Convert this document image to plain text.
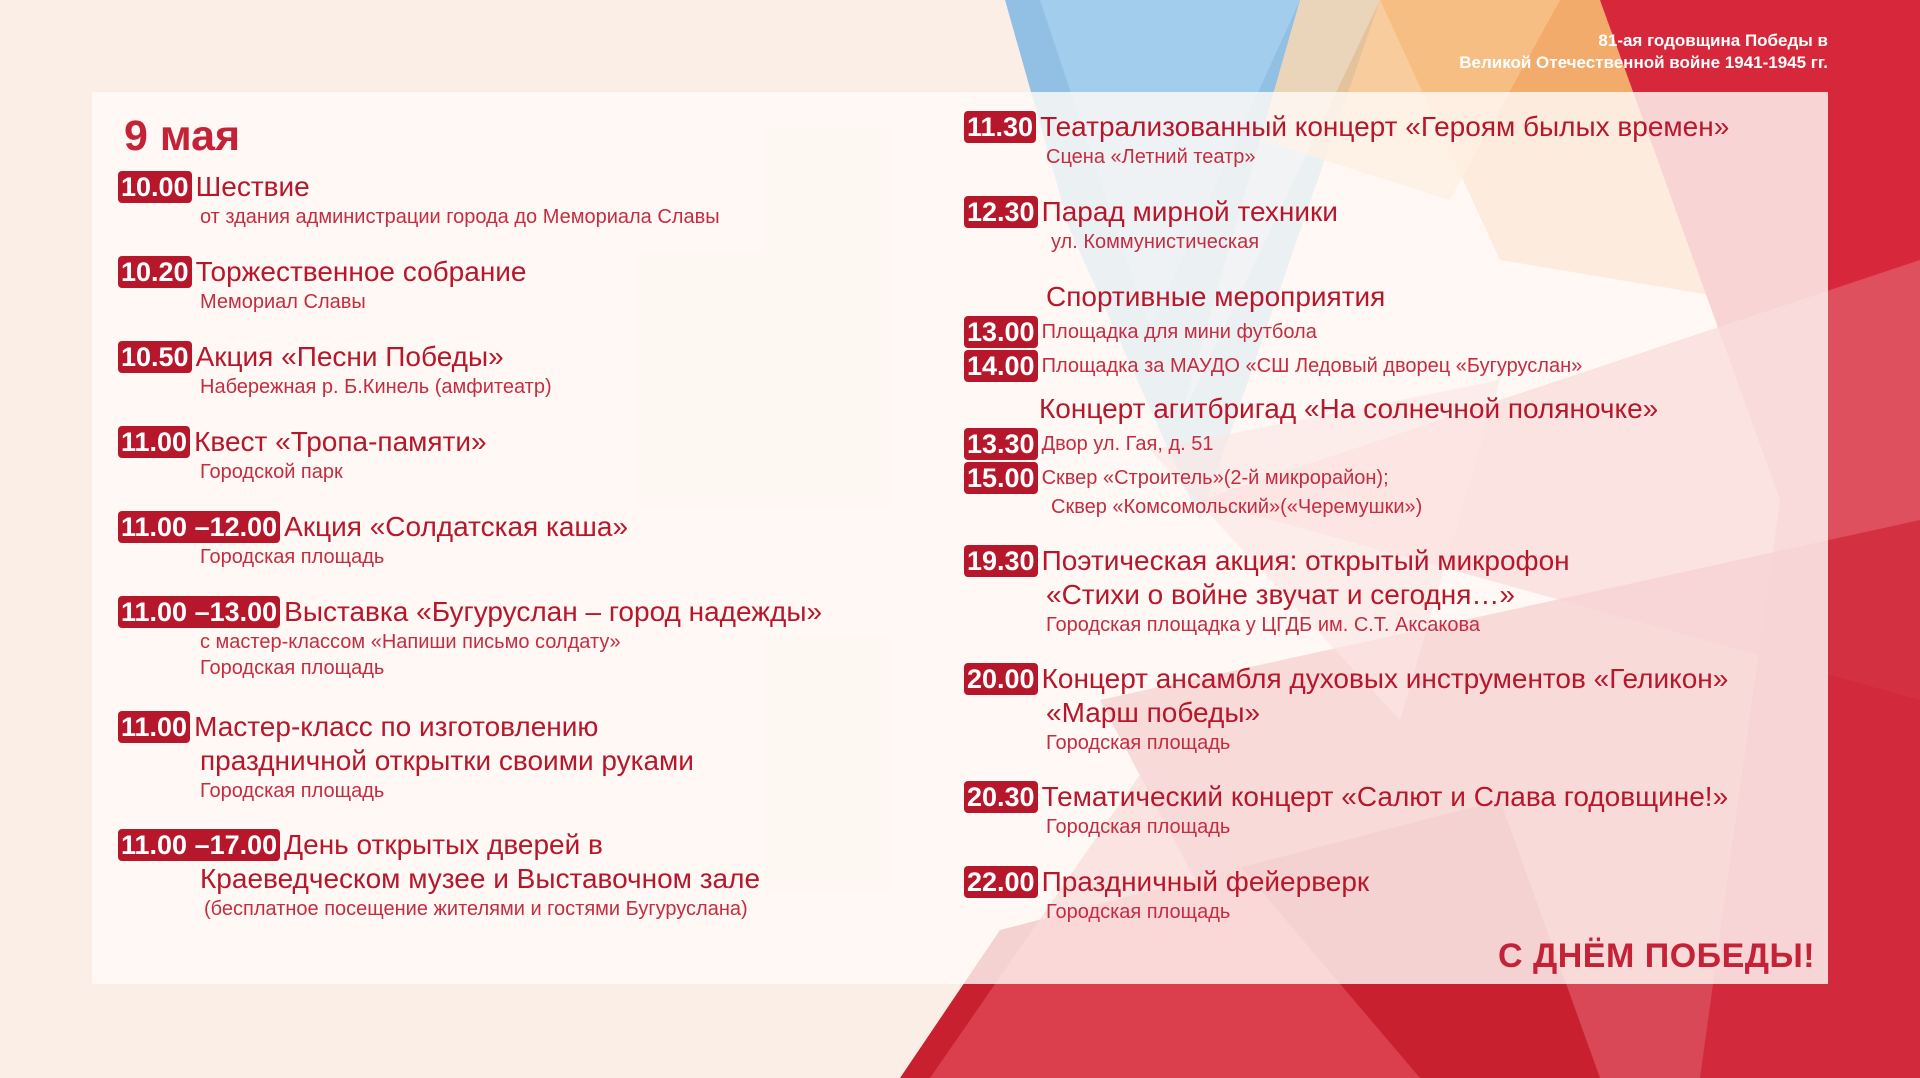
81-ая годовщина Победы в
Великой Отечественной войне 1941-1945 гг.
9 мая
10.00 Шествие
от здания администрации города до Мемориала Славы
10.20 Торжественное собрание
Мемориал Славы
10.50 Акция «Песни Победы»
Набережная р. Б.Кинель (амфитеатр)
11.00 Квест «Тропа-памяти»
Городской парк
11.00 –12.00 Акция «Солдатская каша»
Городская площадь
11.00 –13.00 Выставка «Бугуруслан – город надежды»
с мастер-классом «Напиши письмо солдату»
Городская площадь
11.00 Мастер-класс по изготовлению
праздничной открытки своими руками
Городская площадь
11.00 –17.00 День открытых дверей в
Краеведческом музее и Выставочном зале
(бесплатное посещение жителями и гостями Бугуруслана)
11.30 Театрализованный концерт «Героям былых времен»
Сцена «Летний театр»
12.30 Парад мирной техники
ул. Коммунистическая
Спортивные мероприятия
13.00 Площадка для мини футбола
14.00 Площадка за МАУДО «СШ Ледовый дворец «Бугуруслан»
Концерт агитбригад «На солнечной поляночке»
13.30 Двор ул. Гая, д. 51
15.00 Сквер «Строитель»(2-й микрорайон);
Сквер «Комсомольский»(«Черемушки»)
19.30 Поэтическая акция: открытый микрофон
«Стихи о войне звучат и сегодня…»
Городская площадка у ЦГДБ им. С.Т. Аксакова
20.00 Концерт ансамбля духовых инструментов «Геликон»
«Марш победы»
Городская площадь
20.30 Тематический концерт «Салют и Слава годовщине!»
Городская площадь
22.00 Праздничный фейерверк
Городская площадь
С ДНЁМ ПОБЕДЫ!
